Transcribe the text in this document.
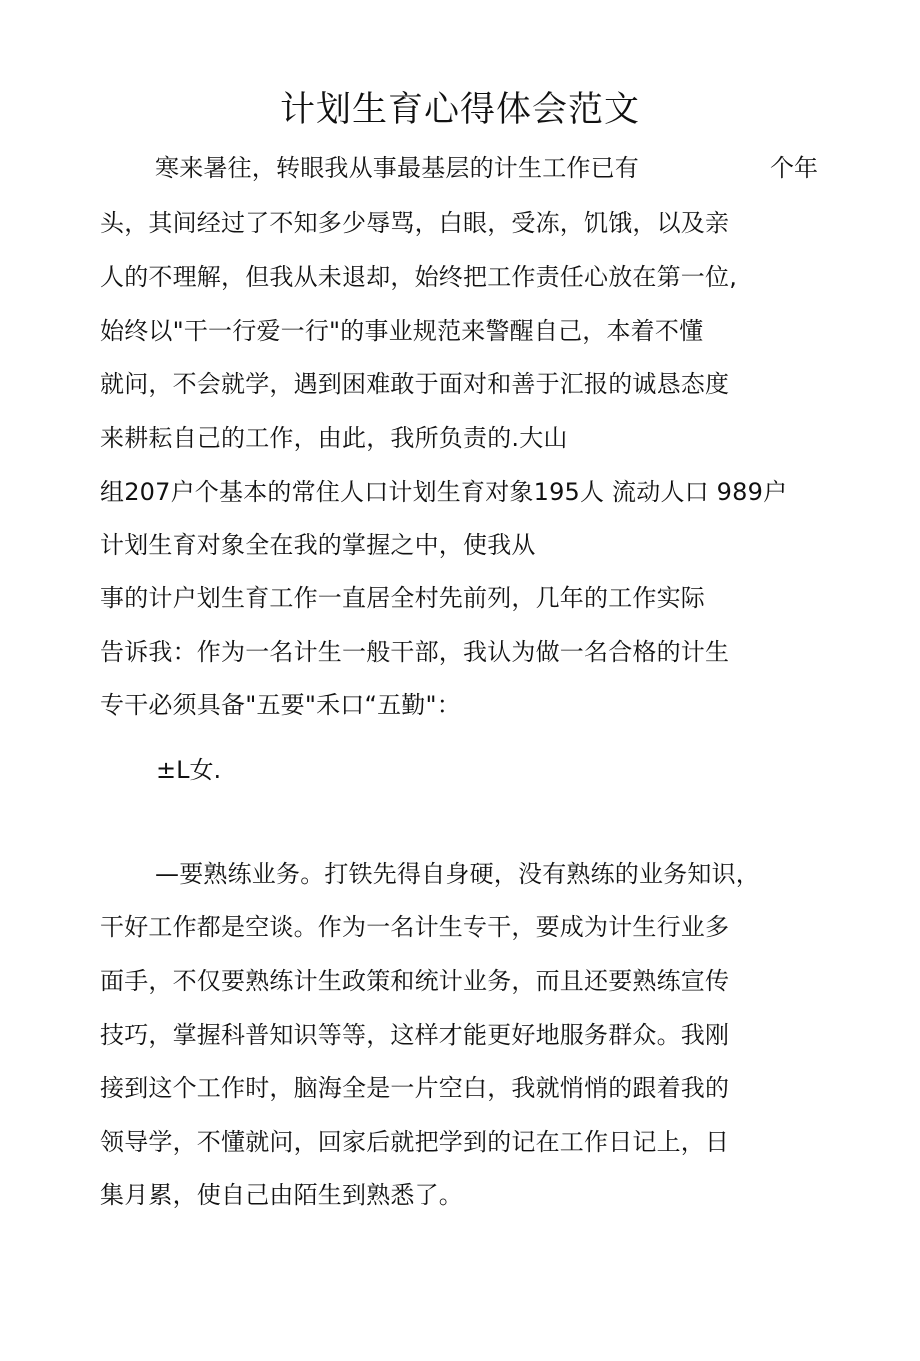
计划生育心得体会范文
寒来暑往，转眼我从事最基层的计生工作已有	个年
头，其间经过了不知多少辱骂，白眼，受冻，饥饿，以及亲
人的不理解，但我从未退却，始终把工作责任心放在第一位,
始终以"干一行爱一行"的事业规范来警醒自己，本着不懂
就问，不会就学，遇到困难敢于面对和善于汇报的诚恳态度
来耕耘自己的工作，由此，我所负责的.大山
组207户个基本的常住人口计划生育对象195人 流动人口 989户
计划生育对象全在我的掌握之中，使我从
事的计户划生育工作一直居全村先前列，几年的工作实际
告诉我：作为一名计生一般干部，我认为做一名合格的计生
专干必须具备"五要"禾口“五勤"：
±L女.
—要熟练业务。打铁先得自身硬，没有熟练的业务知识，
干好工作都是空谈。作为一名计生专干，要成为计生行业多
面手，不仅要熟练计生政策和统计业务，而且还要熟练宣传
技巧，掌握科普知识等等，这样才能更好地服务群众。我刚
接到这个工作时，脑海全是一片空白，我就悄悄的跟着我的
领导学，不懂就问，回家后就把学到的记在工作日记上，日
集月累，使自己由陌生到熟悉了。
